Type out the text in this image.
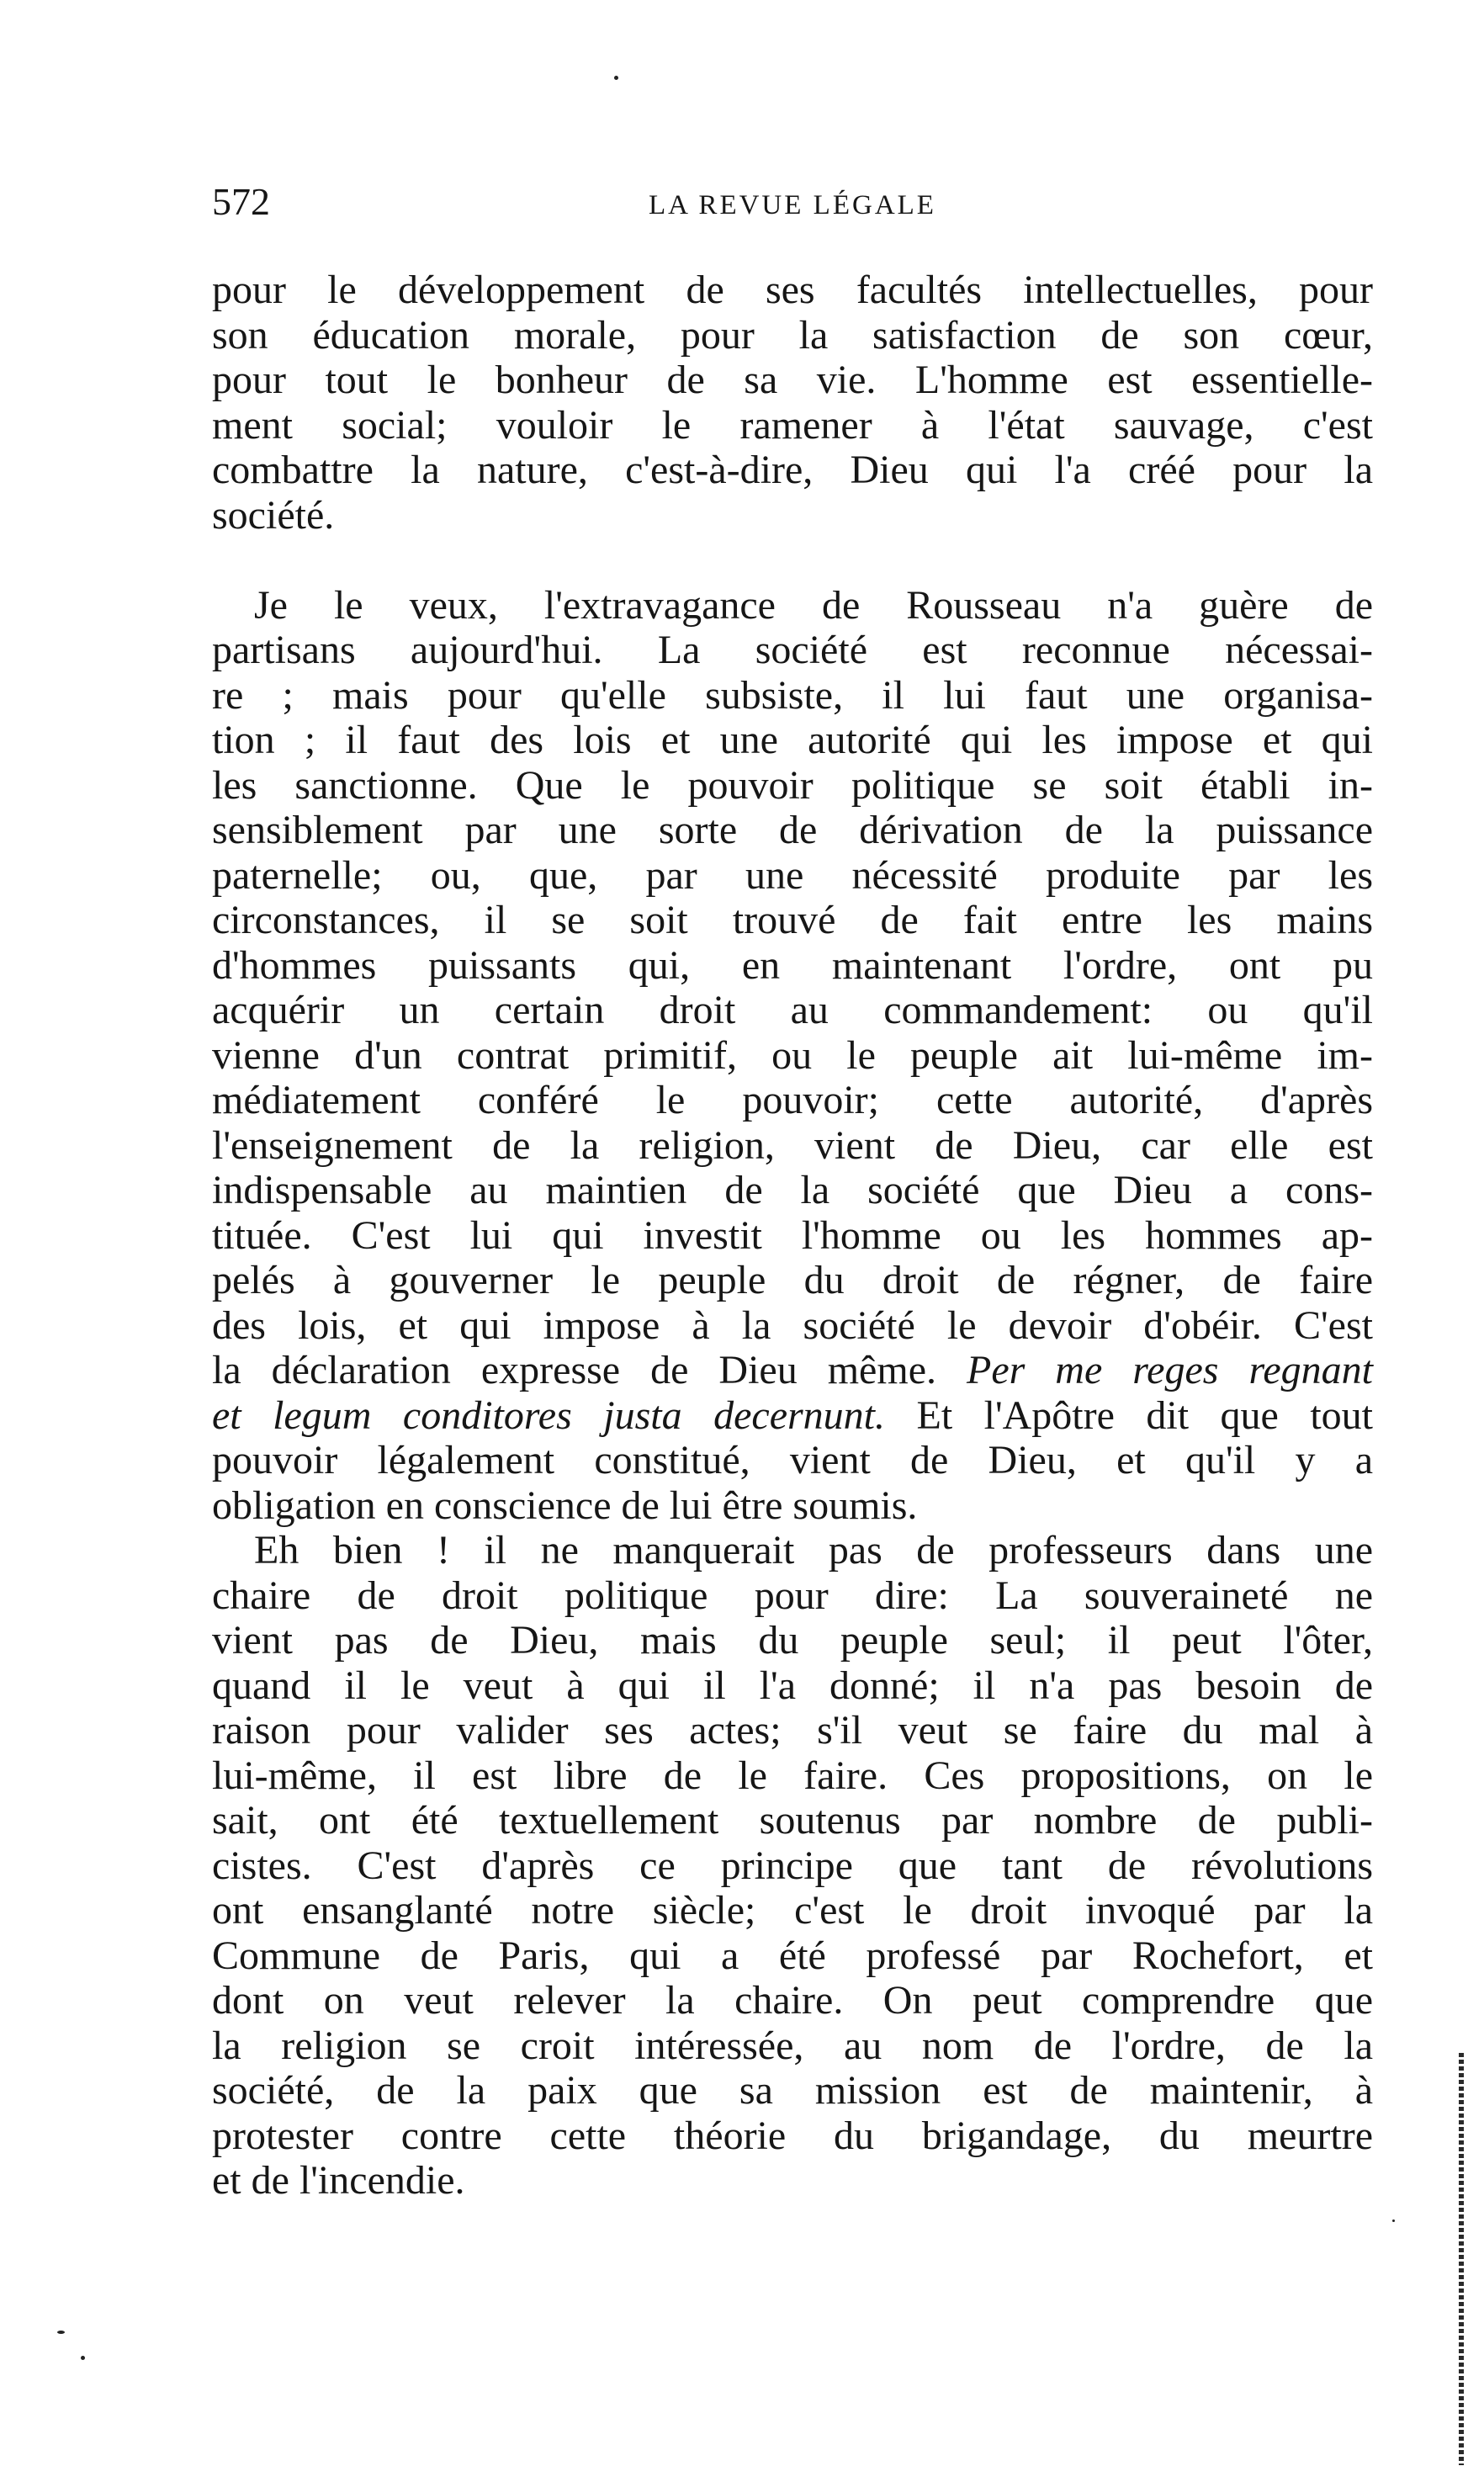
572	LA REVUE LÉGALE
pour le développement de ses facultés intellectuelles, pour
son éducation morale, pour la satisfaction de son cœur,
pour tout le bonheur de sa vie. L'homme est essentielle-
ment social; vouloir le ramener à l'état sauvage, c'est
combattre la nature, c'est-à-dire, Dieu qui l'a créé pour la
société.
Je le veux, l'extravagance de Rousseau n'a guère de
partisans aujourd'hui. La société est reconnue nécessai-
re ; mais pour qu'elle subsiste, il lui faut une organisa-
tion ; il faut des lois et une autorité qui les impose et qui
les sanctionne. Que le pouvoir politique se soit établi in-
sensiblement par une sorte de dérivation de la puissance
paternelle; ou, que, par une nécessité produite par les
circonstances, il se soit trouvé de fait entre les mains
d'hommes puissants qui, en maintenant l'ordre, ont pu
acquérir un certain droit au commandement: ou qu'il
vienne d'un contrat primitif, ou le peuple ait lui-même im-
médiatement conféré le pouvoir; cette autorité, d'après
l'enseignement de la religion, vient de Dieu, car elle est
indispensable au maintien de la société que Dieu a cons-
tituée. C'est lui qui investit l'homme ou les hommes ap-
pelés à gouverner le peuple du droit de régner, de faire
des lois, et qui impose à la société le devoir d'obéir. C'est
la déclaration expresse de Dieu même. Per me reges regnant
et legum conditores justa decernunt. Et l'Apôtre dit que tout
pouvoir légalement constitué, vient de Dieu, et qu'il y a
obligation en conscience de lui être soumis.
Eh bien ! il ne manquerait pas de professeurs dans une
chaire de droit politique pour dire: La souveraineté ne
vient pas de Dieu, mais du peuple seul; il peut l'ôter,
quand il le veut à qui il l'a donné; il n'a pas besoin de
raison pour valider ses actes; s'il veut se faire du mal à
lui-même, il est libre de le faire. Ces propositions, on le
sait, ont été textuellement soutenus par nombre de publi-
cistes. C'est d'après ce principe que tant de révolutions
ont ensanglanté notre siècle; c'est le droit invoqué par la
Commune de Paris, qui a été professé par Rochefort, et
dont on veut relever la chaire. On peut comprendre que
la religion se croit intéressée, au nom de l'ordre, de la
société, de la paix que sa mission est de maintenir, à
protester contre cette théorie du brigandage, du meurtre
et de l'incendie.
